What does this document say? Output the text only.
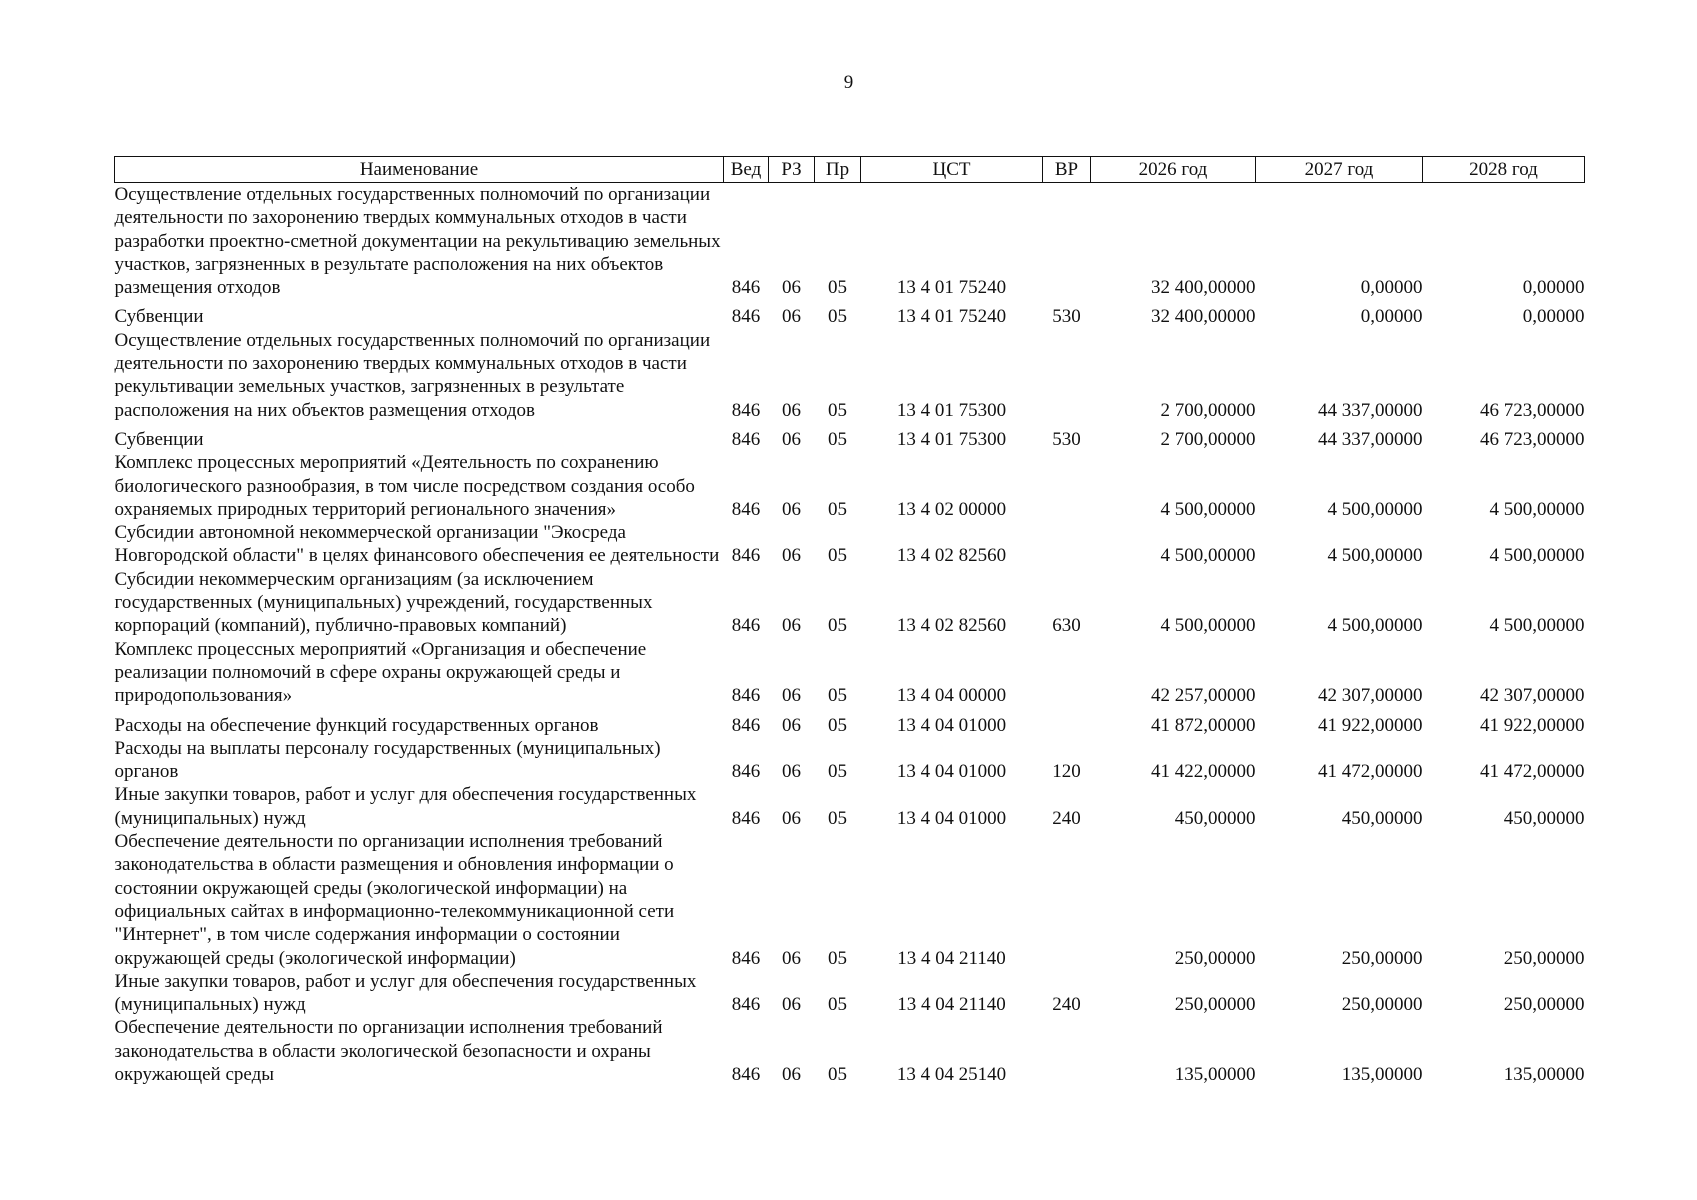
9
Наименование	Вед	РЗ	Пр	ЦСТ	ВР	2026 год	2027 год	2028 год
Осуществление отдельных государственных полномочий по организации деятельности по захоронению твердых коммунальных отходов в части разработки проектно-сметной документации на рекультивацию земельных участков, загрязненных в результате расположения на них объектов размещения отходов	846	06	05	13 4 01 75240		32 400,00000	0,00000	0,00000
Субвенции	846	06	05	13 4 01 75240	530	32 400,00000	0,00000	0,00000
Осуществление отдельных государственных полномочий по организации деятельности по захоронению твердых коммунальных отходов в части рекультивации земельных участков, загрязненных в результате расположения на них объектов размещения отходов	846	06	05	13 4 01 75300		2 700,00000	44 337,00000	46 723,00000
Субвенции	846	06	05	13 4 01 75300	530	2 700,00000	44 337,00000	46 723,00000
Комплекс процессных мероприятий «Деятельность по сохранению биологического разнообразия, в том числе посредством создания особо охраняемых природных территорий регионального значения»	846	06	05	13 4 02 00000		4 500,00000	4 500,00000	4 500,00000
Субсидии автономной некоммерческой организации "Экосреда Новгородской области" в целях финансового обеспечения ее деятельности	846	06	05	13 4 02 82560		4 500,00000	4 500,00000	4 500,00000
Субсидии некоммерческим организациям (за исключением государственных (муниципальных) учреждений, государственных корпораций (компаний), публично-правовых компаний)	846	06	05	13 4 02 82560	630	4 500,00000	4 500,00000	4 500,00000
Комплекс процессных мероприятий «Организация и обеспечение реализации полномочий в сфере охраны окружающей среды и природопользования»	846	06	05	13 4 04 00000		42 257,00000	42 307,00000	42 307,00000
Расходы на обеспечение функций государственных органов	846	06	05	13 4 04 01000		41 872,00000	41 922,00000	41 922,00000
Расходы на выплаты персоналу государственных (муниципальных) органов	846	06	05	13 4 04 01000	120	41 422,00000	41 472,00000	41 472,00000
Иные закупки товаров, работ и услуг для обеспечения государственных (муниципальных) нужд	846	06	05	13 4 04 01000	240	450,00000	450,00000	450,00000
Обеспечение деятельности по организации исполнения требований законодательства в области размещения и обновления информации о состоянии окружающей среды (экологической информации) на официальных сайтах в информационно-телекоммуникационной сети "Интернет", в том числе содержания информации о состоянии окружающей среды (экологической информации)	846	06	05	13 4 04 21140		250,00000	250,00000	250,00000
Иные закупки товаров, работ и услуг для обеспечения государственных (муниципальных) нужд	846	06	05	13 4 04 21140	240	250,00000	250,00000	250,00000
Обеспечение деятельности по организации исполнения требований законодательства в области экологической безопасности и охраны окружающей среды	846	06	05	13 4 04 25140		135,00000	135,00000	135,00000
